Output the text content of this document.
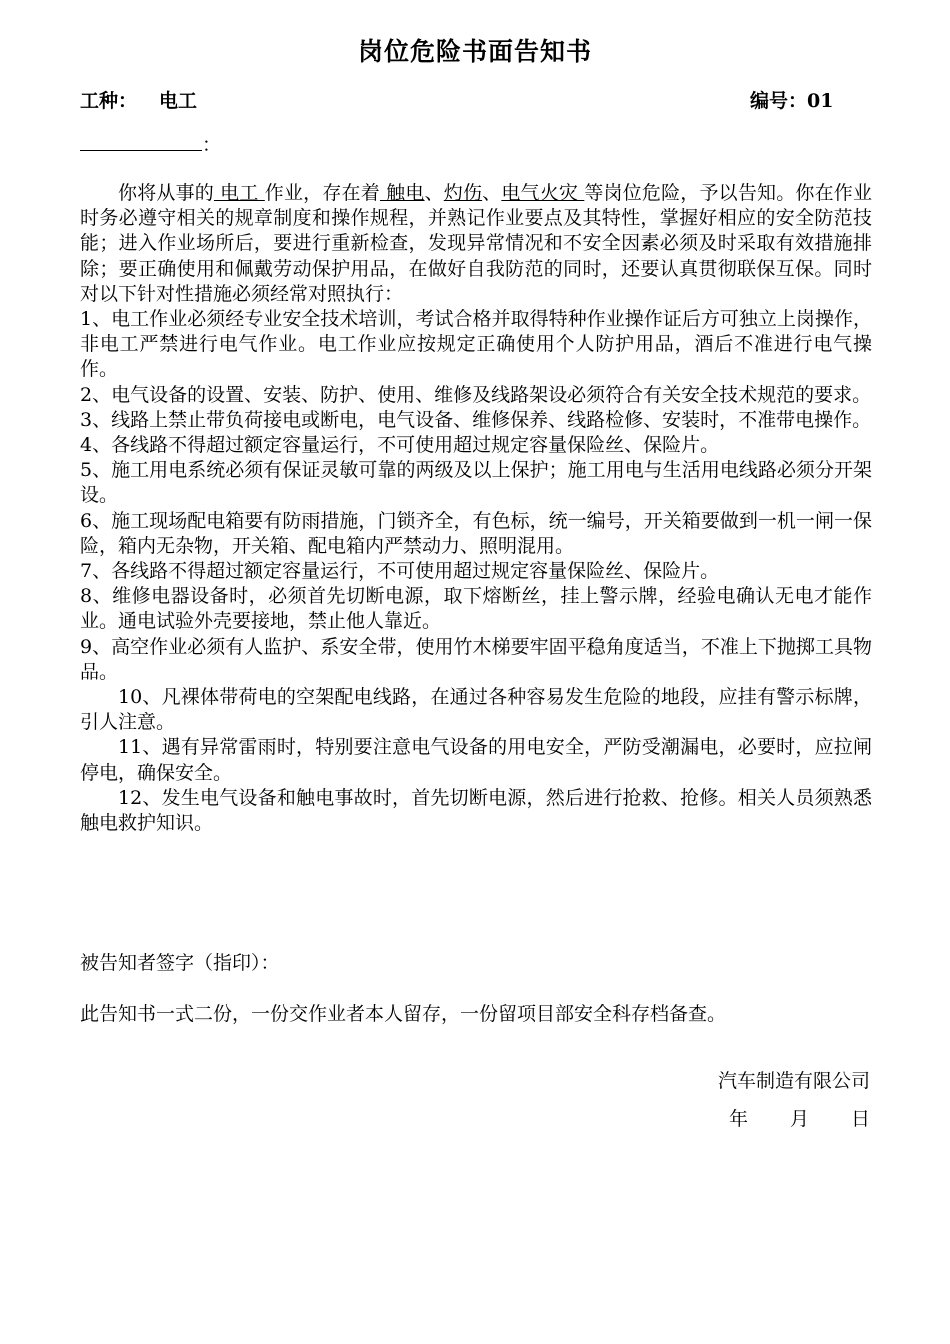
岗位危险书面告知书
工种： 电工	编号：01
：

你将从事的 电工 作业，存在着 触电、灼伤、电气火灾 等岗位危险，予以告知。你在作业时务必遵守相关的规章制度和操作规程，并熟记作业要点及其特性，掌握好相应的安全防范技能；进入作业场所后，要进行重新检查，发现异常情况和不安全因素必须及时采取有效措施排除；要正确使用和佩戴劳动保护用品，在做好自我防范的同时，还要认真贯彻联保互保。同时对以下针对性措施必须经常对照执行：

1、电工作业必须经专业安全技术培训，考试合格并取得特种作业操作证后方可独立上岗操作，非电工严禁进行电气作业。电工作业应按规定正确使用个人防护用品，酒后不准进行电气操作。

2、电气设备的设置、安装、防护、使用、维修及线路架设必须符合有关安全技术规范的要求。

3、线路上禁止带负荷接电或断电，电气设备、维修保养、线路检修、安装时，不准带电操作。

4、各线路不得超过额定容量运行，不可使用超过规定容量保险丝、保险片。

5、施工用电系统必须有保证灵敏可靠的两级及以上保护；施工用电与生活用电线路必须分开架设。

6、施工现场配电箱要有防雨措施，门锁齐全，有色标，统一编号，开关箱要做到一机一闸一保险，箱内无杂物，开关箱、配电箱内严禁动力、照明混用。

7、各线路不得超过额定容量运行，不可使用超过规定容量保险丝、保险片。

8、维修电器设备时，必须首先切断电源，取下熔断丝，挂上警示牌，经验电确认无电才能作业。通电试验外壳要接地，禁止他人靠近。

9、高空作业必须有人监护、系安全带，使用竹木梯要牢固平稳角度适当，不准上下抛掷工具物品。

10、凡裸体带荷电的空架配电线路，在通过各种容易发生危险的地段，应挂有警示标牌，引人注意。

11、遇有异常雷雨时，特别要注意电气设备的用电安全，严防受潮漏电，必要时，应拉闸停电，确保安全。

12、发生电气设备和触电事故时，首先切断电源，然后进行抢救、抢修。相关人员须熟悉触电救护知识。

被告知者签字（指印）：
此告知书一式二份，一份交作业者本人留存，一份留项目部安全科存档备查。
汽车制造有限公司
年 月 日
